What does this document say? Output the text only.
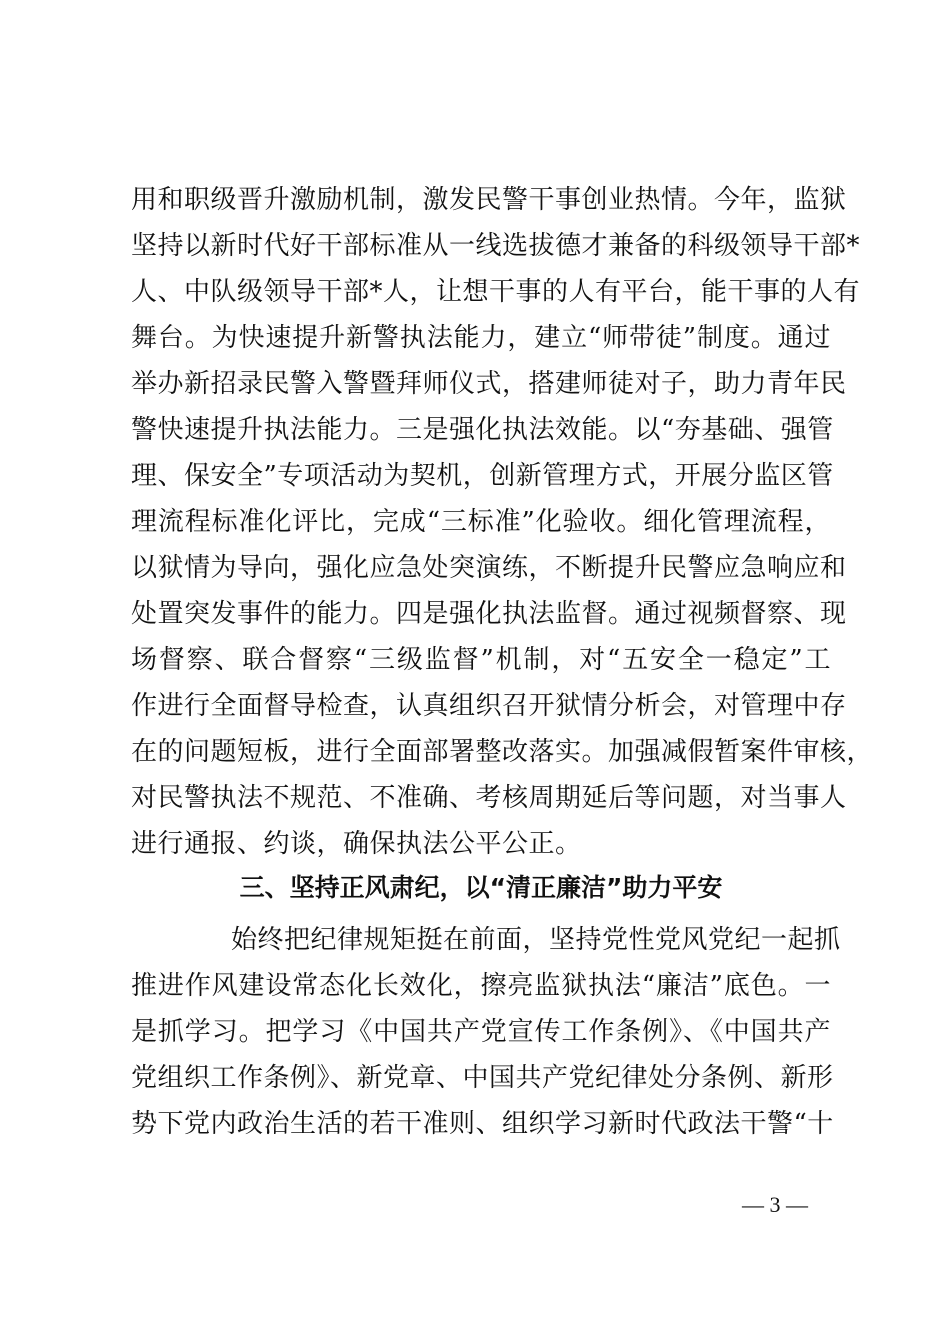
用和职级晋升激励机制，激发民警干事创业热情。今年，监狱
坚持以新时代好干部标准从一线选拔德才兼备的科级领导干部*
人、中队级领导干部*人，让想干事的人有平台，能干事的人有
舞台。为快速提升新警执法能力，建立“师带徒”制度。通过
举办新招录民警入警暨拜师仪式，搭建师徒对子，助力青年民
警快速提升执法能力。三是强化执法效能。以“夯基础、强管
理、保安全”专项活动为契机，创新管理方式，开展分监区管
理流程标准化评比，完成“三标准”化验收。细化管理流程，
以狱情为导向，强化应急处突演练，不断提升民警应急响应和
处置突发事件的能力。四是强化执法监督。通过视频督察、现
场督察、联合督察“三级监督”机制，对“五安全一稳定”工
作进行全面督导检查，认真组织召开狱情分析会，对管理中存
在的问题短板，进行全面部署整改落实。加强减假暂案件审核，
对民警执法不规范、不准确、考核周期延后等问题，对当事人
进行通报、约谈，确保执法公平公正。
三、坚持正风肃纪，以“清正廉洁”助力平安
始终把纪律规矩挺在前面，坚持党性党风党纪一起抓
推进作风建设常态化长效化，擦亮监狱执法“廉洁”底色。一
是抓学习。把学习《中国共产党宣传工作条例》、《中国共产
党组织工作条例》、新党章、中国共产党纪律处分条例、新形
势下党内政治生活的若干准则、组织学习新时代政法干警“十
— 3 —
